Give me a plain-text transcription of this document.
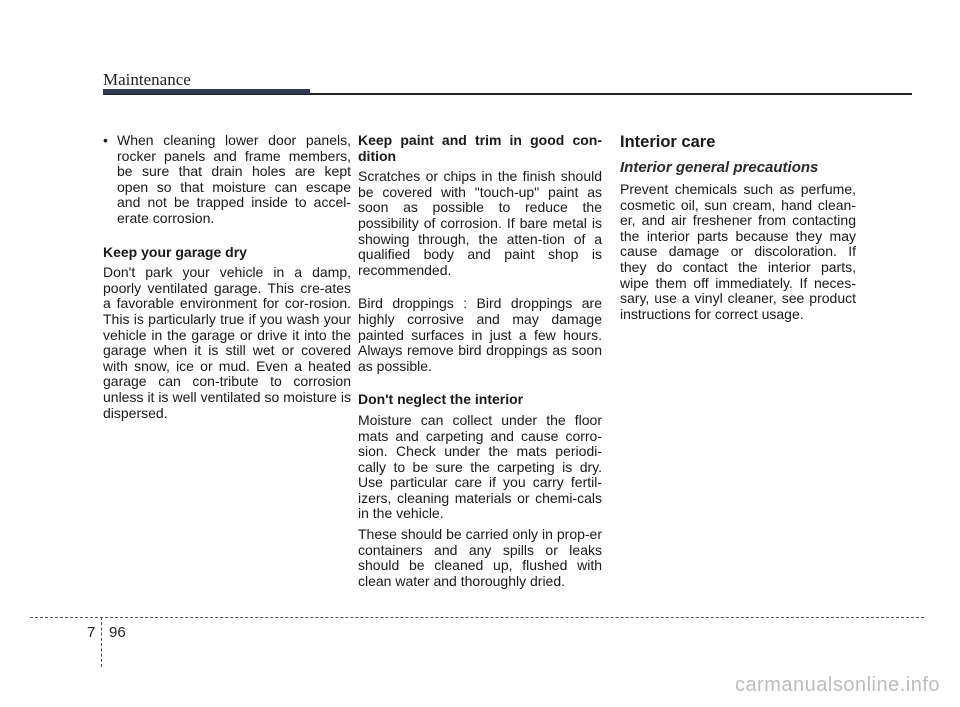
Maintenance
• When cleaning lower door panels, rocker panels and frame members, be sure that drain holes are kept open so that moisture can escape and not be trapped inside to accel-erate corrosion.
Keep your garage dry

Don't park your vehicle in a damp, poorly ventilated garage. This cre-ates a favorable environment for cor-rosion. This is particularly true if you wash your vehicle in the garage or drive it into the garage when it is still wet or covered with snow, ice or mud. Even a heated garage can con-tribute to corrosion unless it is well ventilated so moisture is dispersed.

Keep paint and trim in good con-dition

Scratches or chips in the finish should be covered with "touch-up" paint as soon as possible to reduce the possibility of corrosion. If bare metal is showing through, the atten-tion of a qualified body and paint shop is recommended.

Bird droppings : Bird droppings are highly corrosive and may damage painted surfaces in just a few hours. Always remove bird droppings as soon as possible.

Don't neglect the interior

Moisture can collect under the floor mats and carpeting and cause corro-sion. Check under the mats periodi-cally to be sure the carpeting is dry. Use particular care if you carry fertil-izers, cleaning materials or chemi-cals in the vehicle.

These should be carried only in prop-er containers and any spills or leaks should be cleaned up, flushed with clean water and thoroughly dried.

Interior care
Interior general precautions

Prevent chemicals such as perfume, cosmetic oil, sun cream, hand clean-er, and air freshener from contacting the interior parts because they may cause damage or discoloration. If they do contact the interior parts, wipe them off immediately. If neces-sary, use a vinyl cleaner, see product instructions for correct usage.

7 96
carmanualsonline.info
